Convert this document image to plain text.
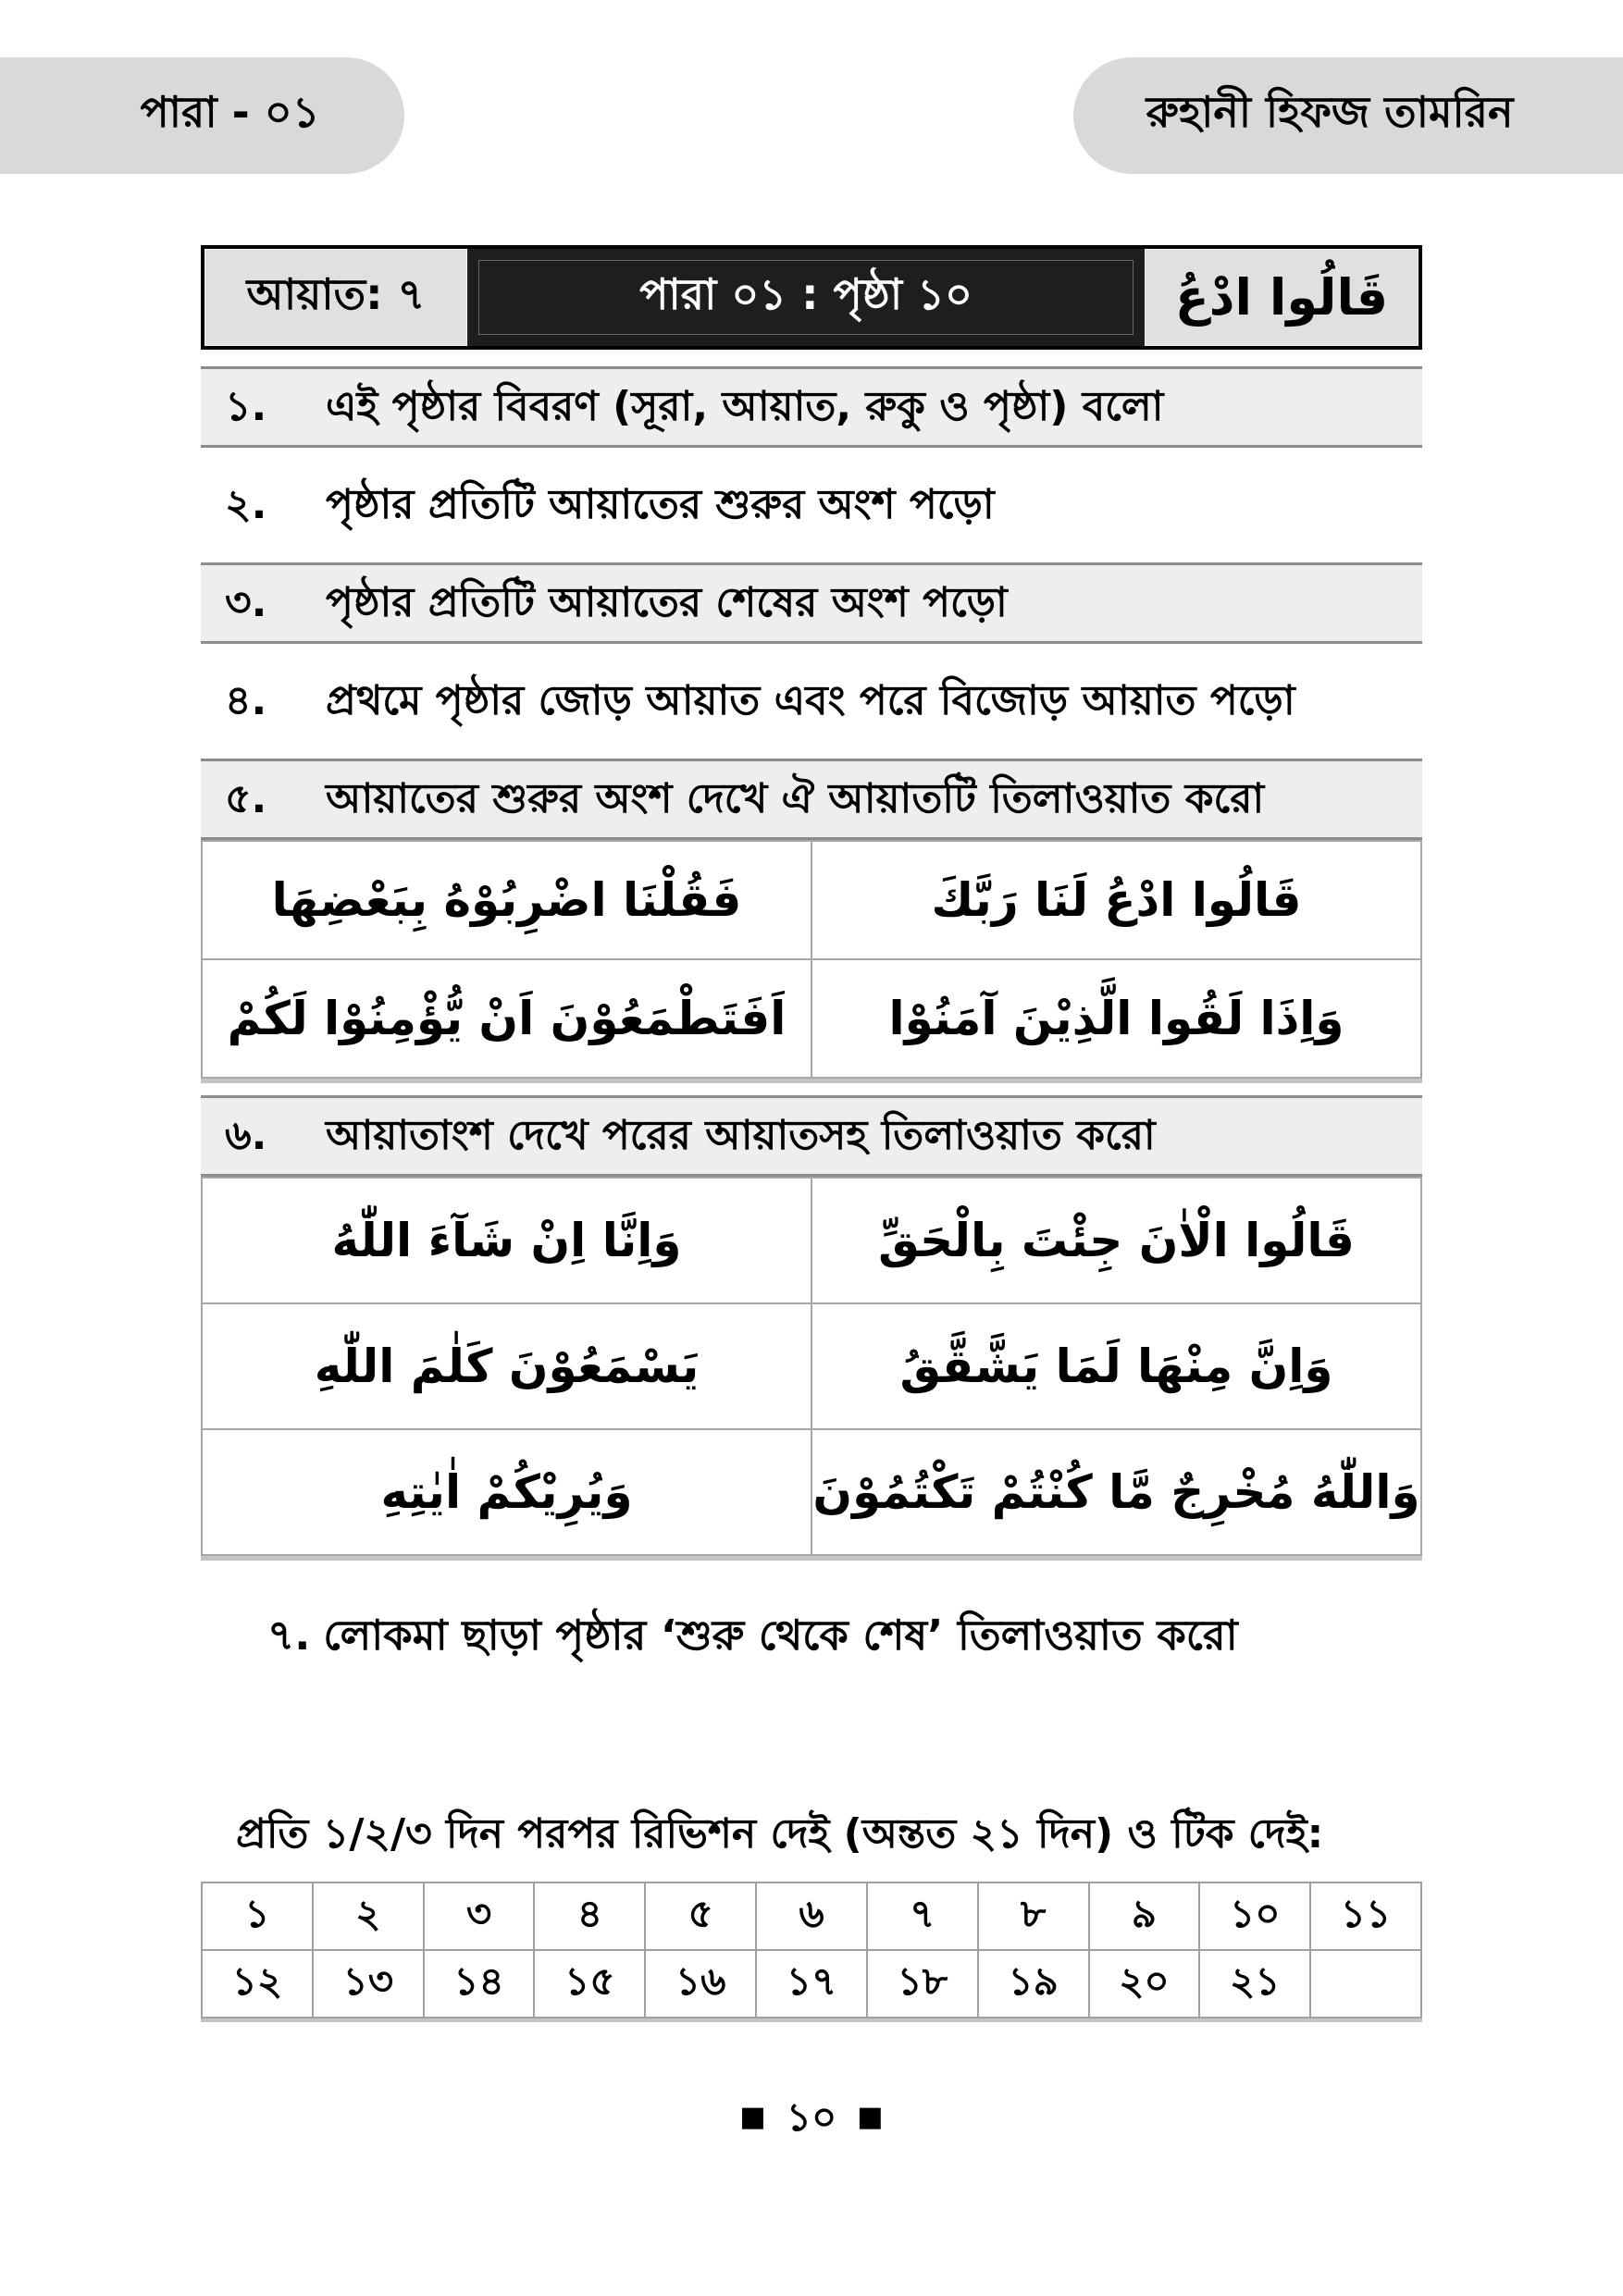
পারা - ০১	রুহানী হিফজ তামরিন
আয়াত: ৭	পারা ০১ : পৃষ্ঠা ১০	قَالُوا ادْعُ
১.	এই পৃষ্ঠার বিবরণ (সূরা, আয়াত, রুকু ও পৃষ্ঠা) বলো
২.	পৃষ্ঠার প্রতিটি আয়াতের শুরুর অংশ পড়ো
৩.	পৃষ্ঠার প্রতিটি আয়াতের শেষের অংশ পড়ো
৪.	প্রথমে পৃষ্ঠার জোড় আয়াত এবং পরে বিজোড় আয়াত পড়ো
৫.	আয়াতের শুরুর অংশ দেখে ঐ আয়াতটি তিলাওয়াত করো
فَقُلْنَا اضْرِبُوْهُ بِبَعْضِهَا	قَالُوا ادْعُ لَنَا رَبَّكَ
اَفَتَطْمَعُوْنَ اَنْ يُّؤْمِنُوْا لَكُمْ	وَاِذَا لَقُوا الَّذِيْنَ آمَنُوْا
৬.	আয়াতাংশ দেখে পরের আয়াতসহ তিলাওয়াত করো
وَاِنَّا اِنْ شَآءَ اللّٰهُ	قَالُوا الْاٰنَ جِئْتَ بِالْحَقِّ
يَسْمَعُوْنَ كَلٰمَ اللّٰهِ	وَاِنَّ مِنْهَا لَمَا يَشَّقَّقُ
وَيُرِيْكُمْ اٰيٰتِهِ	وَاللّٰهُ مُخْرِجٌ مَّا كُنْتُمْ تَكْتُمُوْنَ
৭. লোকমা ছাড়া পৃষ্ঠার ‘শুরু থেকে শেষ’ তিলাওয়াত করো
প্রতি ১/২/৩ দিন পরপর রিভিশন দেই (অন্তত ২১ দিন) ও টিক দেই:
১	২	৩	৪	৫	৬	৭	৮	৯	১০	১১
১২	১৩	১৪	১৫	১৬	১৭	১৮	১৯	২০	২১	
■ ১০ ■
